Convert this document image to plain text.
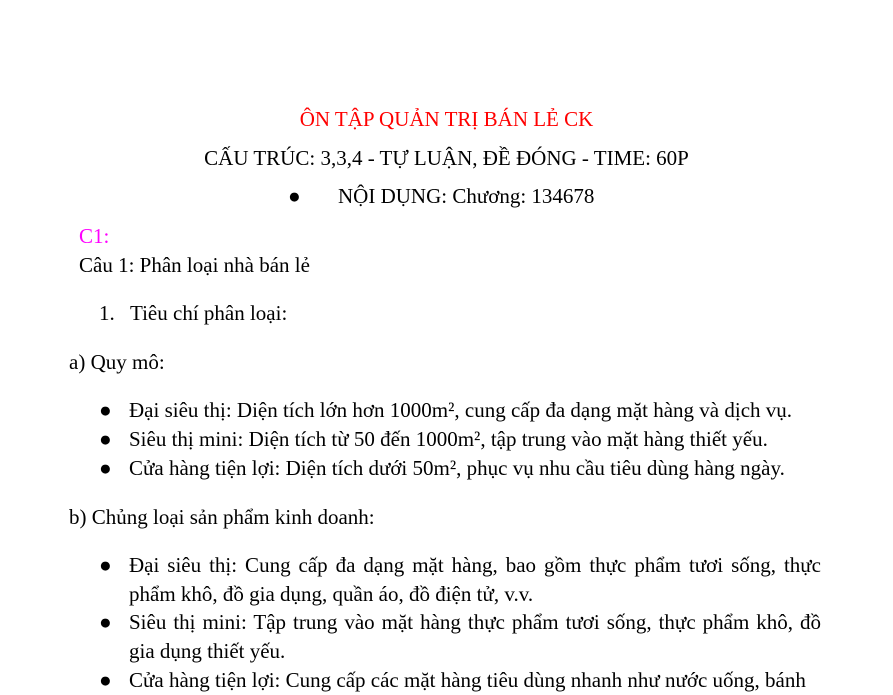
ÔN TẬP QUẢN TRỊ BÁN LẺ CK
CẤU TRÚC: 3,3,4 - TỰ LUẬN, ĐỀ ĐÓNG - TIME: 60P
● NỘI DỤNG: Chương: 134678
C1:
Câu 1: Phân loại nhà bán lẻ
1. Tiêu chí phân loại:
a) Quy mô:
● Đại siêu thị: Diện tích lớn hơn 1000m², cung cấp đa dạng mặt hàng và dịch vụ.
● Siêu thị mini: Diện tích từ 50 đến 1000m², tập trung vào mặt hàng thiết yếu.
● Cửa hàng tiện lợi: Diện tích dưới 50m², phục vụ nhu cầu tiêu dùng hàng ngày.
b) Chủng loại sản phẩm kinh doanh:
● Đại siêu thị: Cung cấp đa dạng mặt hàng, bao gồm thực phẩm tươi sống, thực phẩm khô, đồ gia dụng, quần áo, đồ điện tử, v.v.
● Siêu thị mini: Tập trung vào mặt hàng thực phẩm tươi sống, thực phẩm khô, đồ gia dụng thiết yếu.
● Cửa hàng tiện lợi: Cung cấp các mặt hàng tiêu dùng nhanh như nước uống, bánh
